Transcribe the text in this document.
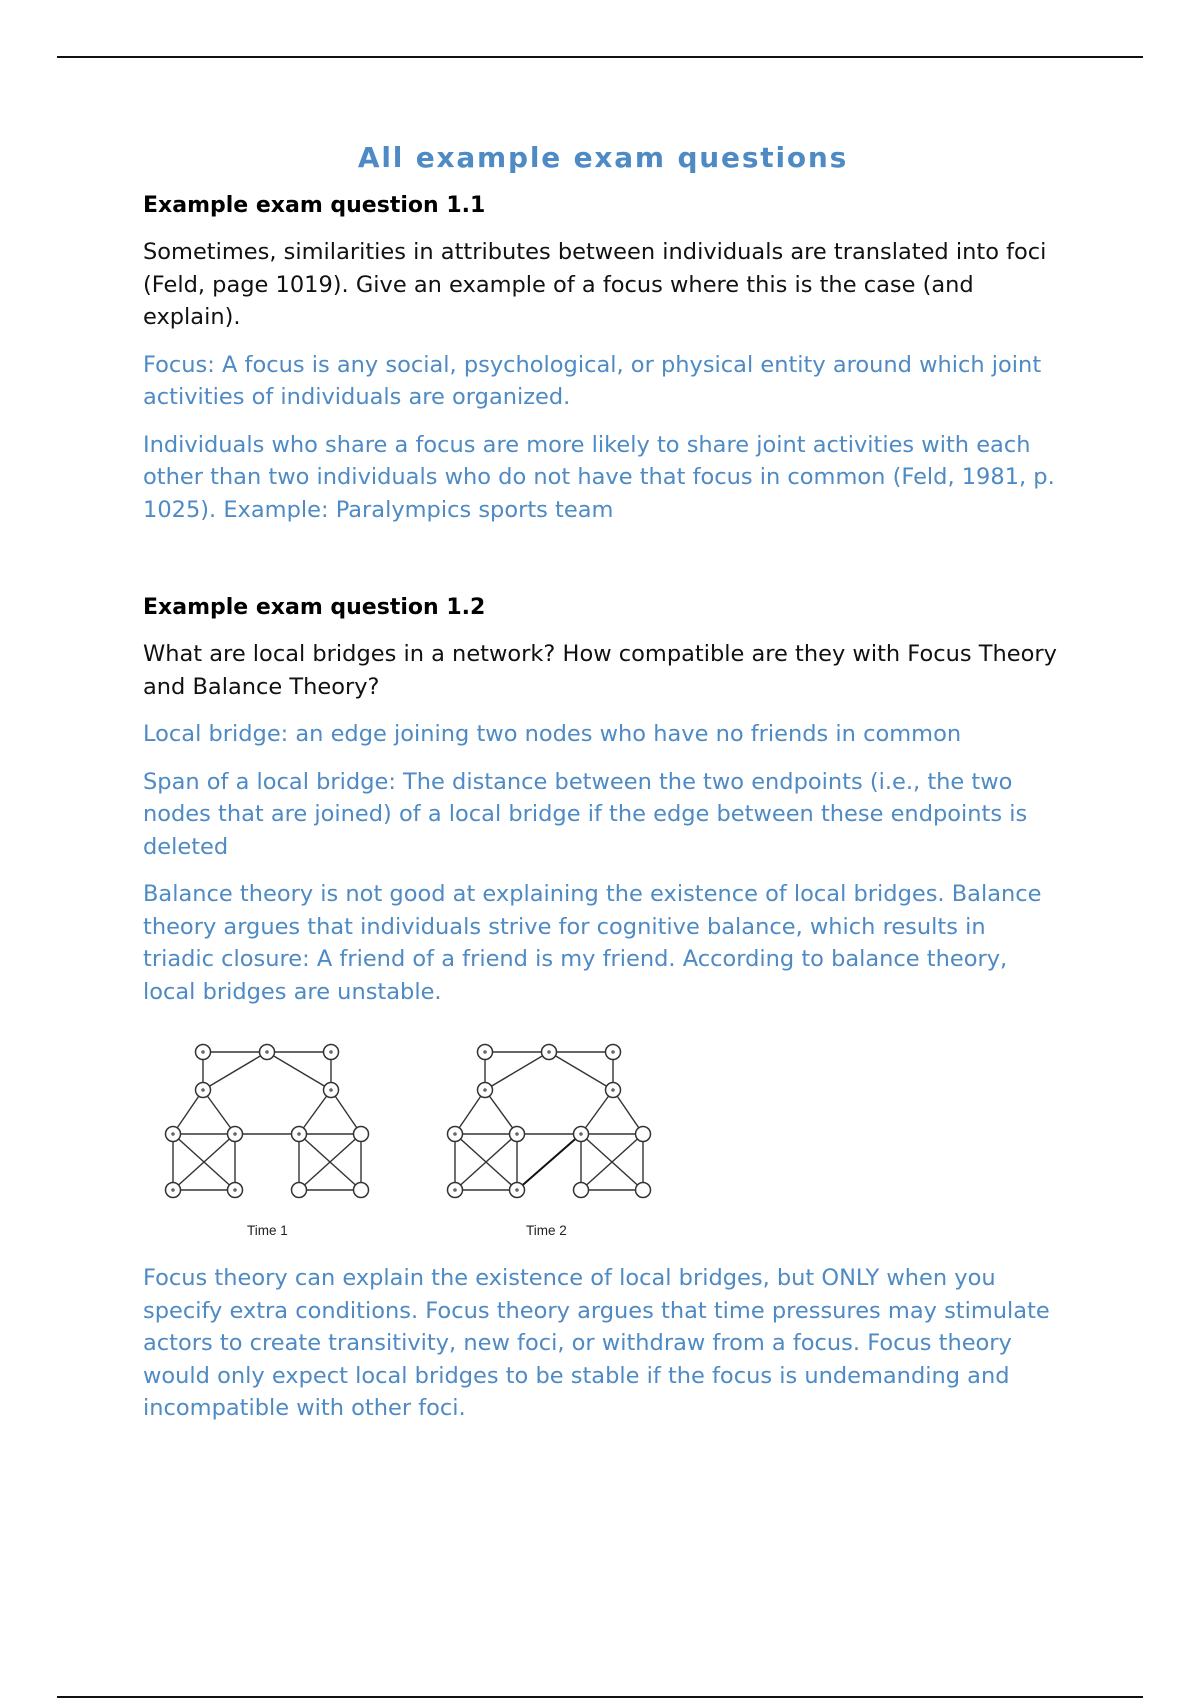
All example exam questions
Example exam question 1.1

Sometimes, similarities in attributes between individuals are translated into foci (Feld, page 1019). Give an example of a focus where this is the case (and explain).

Focus: A focus is any social, psychological, or physical entity around which joint activities of individuals are organized.

Individuals who share a focus are more likely to share joint activities with each other than two individuals who do not have that focus in common (Feld, 1981, p. 1025). Example: Paralympics sports team

Example exam question 1.2

What are local bridges in a network? How compatible are they with Focus Theory and Balance Theory?

Local bridge: an edge joining two nodes who have no friends in common

Span of a local bridge: The distance between the two endpoints (i.e., the two nodes that are joined) of a local bridge if the edge between these endpoints is deleted

Balance theory is not good at explaining the existence of local bridges. Balance theory argues that individuals strive for cognitive balance, which results in triadic closure: A friend of a friend is my friend. According to balance theory, local bridges are unstable.

Time 1	Time 2

Focus theory can explain the existence of local bridges, but ONLY when you specify extra conditions. Focus theory argues that time pressures may stimulate actors to create transitivity, new foci, or withdraw from a focus. Focus theory would only expect local bridges to be stable if the focus is undemanding and incompatible with other foci.
